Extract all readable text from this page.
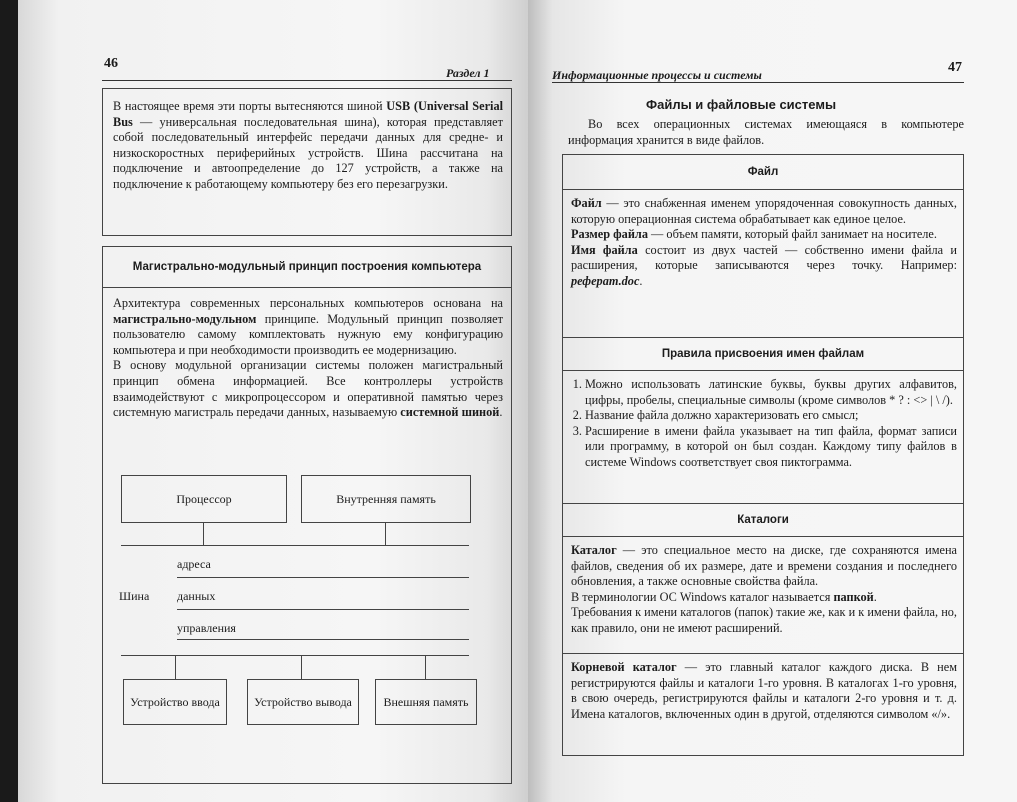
46
Раздел 1

В настоящее время эти порты вытесняются шиной USB (Universal Serial Bus — универсальная последовательная шина), которая представляет собой последовательный интерфейс передачи данных для средне- и низкоскоростных периферийных устройств. Шина рассчитана на подключение и автоопределение до 127 устройств, а также на подключение к работающему компьютеру без его перезагрузки.

Магистрально-модульный принцип построения компьютера

Архитектура современных персональных компьютеров основана на магистрально-модульном принципе. Модульный принцип позволяет пользователю самому комплектовать нужную ему конфигурацию компьютера и при необходимости производить ее модернизацию.

В основу модульной организации системы положен магистральный принцип обмена информацией. Все контроллеры устройств взаимодействуют с микропроцессором и оперативной памятью через системную магистраль передачи данных, называемую системной шиной.

Процессор	Внутренняя память
адреса
Шина данных
управления
Устройство ввода	Устройство вывода	Внешняя память
Информационные процессы и системы	47
Файлы и файловые системы

Во всех операционных системах имеющаяся в компьютере информация хранится в виде файлов.

Файл

Файл — это снабженная именем упорядоченная совокупность данных, которую операционная система обрабатывает как единое целое.

Размер файла — объем памяти, который файл занимает на носителе.

Имя файла состоит из двух частей — собственно имени файла и расширения, которые записываются через точку. Например: реферат.doc.

Правила присвоения имен файлам
1. Можно использовать латинские буквы, буквы других алфавитов, цифры, пробелы, специальные символы (кроме символов * ? : <> | \ /).
2. Название файла должно характеризовать его смысл;
3. Расширение в имени файла указывает на тип файла, формат записи или программу, в которой он был создан. Каждому типу файлов в системе Windows соответствует своя пиктограмма.
Каталоги

Каталог — это специальное место на диске, где сохраняются имена файлов, сведения об их размере, дате и времени создания и последнего обновления, а также основные свойства файла.

В терминологии ОС Windows каталог называется папкой.

Требования к имени каталогов (папок) такие же, как и к имени файла, но, как правило, они не имеют расширений.

Корневой каталог — это главный каталог каждого диска. В нем регистрируются файлы и каталоги 1-го уровня. В каталогах 1-го уровня, в свою очередь, регистрируются файлы и каталоги 2-го уровня и т. д. Имена каталогов, включенных один в другой, отделяются символом «/».
